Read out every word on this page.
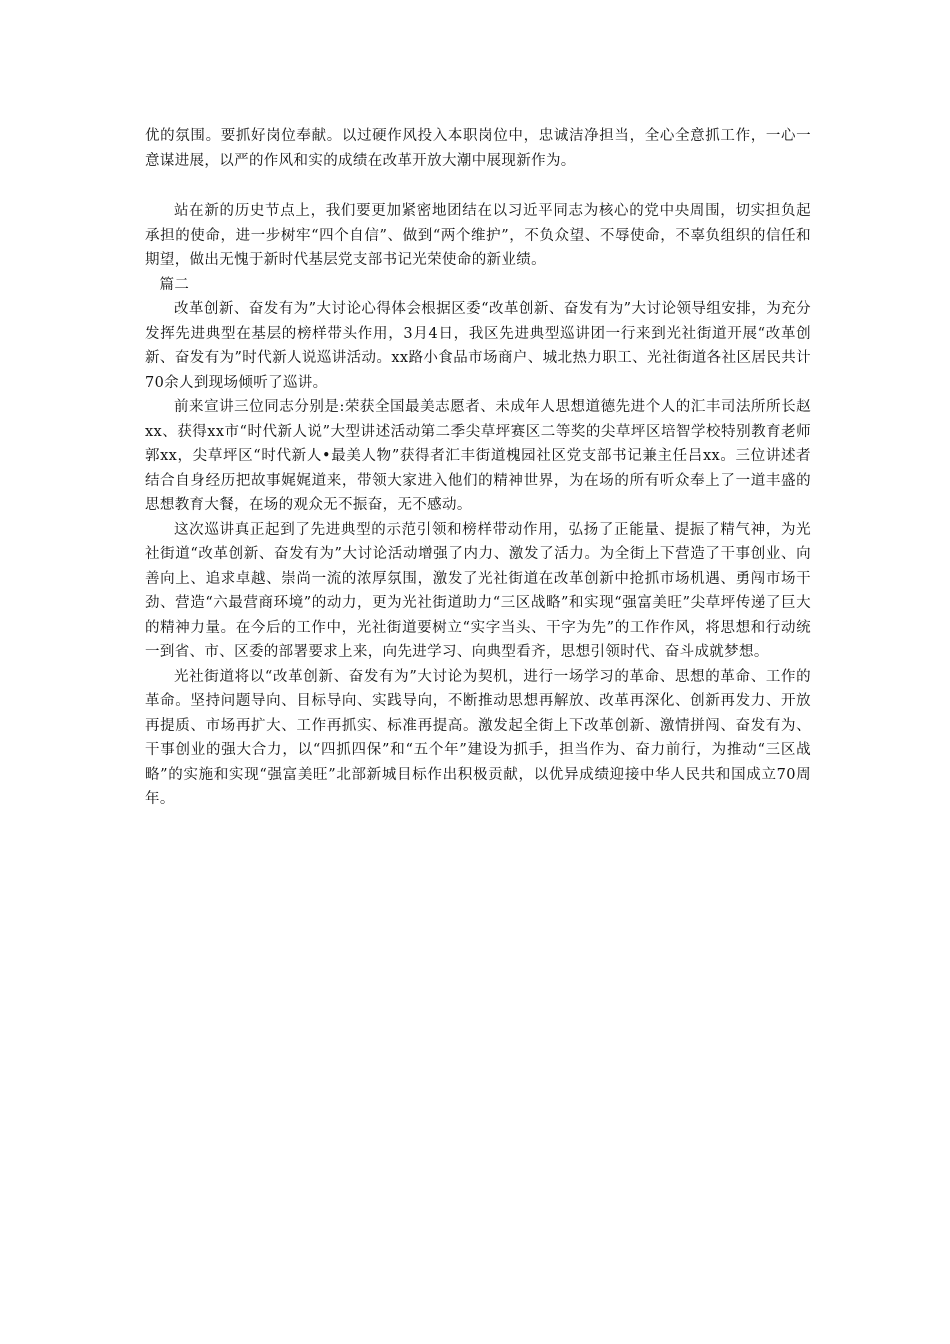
优的氛围。要抓好岗位奉献。以过硬作风投入本职岗位中，忠诚洁净担当，全心全意抓工作，一心一意谋进展，以严的作风和实的成绩在改革开放大潮中展现新作为。

站在新的历史节点上，我们要更加紧密地团结在以习近平同志为核心的党中央周围，切实担负起承担的使命，进一步树牢“四个自信”、做到“两个维护”，不负众望、不辱使命，不辜负组织的信任和期望，做出无愧于新时代基层党支部书记光荣使命的新业绩。

篇二

改革创新、奋发有为”大讨论心得体会根据区委“改革创新、奋发有为”大讨论领导组安排，为充分发挥先进典型在基层的榜样带头作用，3月4日，我区先进典型巡讲团一行来到光社街道开展“改革创新、奋发有为”时代新人说巡讲活动。xx路小食品市场商户、城北热力职工、光社街道各社区居民共计70余人到现场倾听了巡讲。

前来宣讲三位同志分别是:荣获全国最美志愿者、未成年人思想道德先进个人的汇丰司法所所长赵xx、获得xx市“时代新人说”大型讲述活动第二季尖草坪赛区二等奖的尖草坪区培智学校特别教育老师郭xx，尖草坪区“时代新人•最美人物”获得者汇丰街道槐园社区党支部书记兼主任吕xx。三位讲述者结合自身经历把故事娓娓道来，带领大家进入他们的精神世界，为在场的所有听众奉上了一道丰盛的思想教育大餐，在场的观众无不振奋，无不感动。

这次巡讲真正起到了先进典型的示范引领和榜样带动作用，弘扬了正能量、提振了精气神，为光社街道“改革创新、奋发有为”大讨论活动增强了内力、激发了活力。为全街上下营造了干事创业、向善向上、追求卓越、崇尚一流的浓厚氛围，激发了光社街道在改革创新中抢抓市场机遇、勇闯市场干劲、营造“六最营商环境”的动力，更为光社街道助力“三区战略”和实现“强富美旺”尖草坪传递了巨大的精神力量。在今后的工作中，光社街道要树立“实字当头、干字为先”的工作作风，将思想和行动统一到省、市、区委的部署要求上来，向先进学习、向典型看齐，思想引领时代、奋斗成就梦想。

光社街道将以“改革创新、奋发有为”大讨论为契机，进行一场学习的革命、思想的革命、工作的革命。坚持问题导向、目标导向、实践导向，不断推动思想再解放、改革再深化、创新再发力、开放再提质、市场再扩大、工作再抓实、标准再提高。激发起全街上下改革创新、激情拼闯、奋发有为、干事创业的强大合力，以“四抓四保”和“五个年”建设为抓手，担当作为、奋力前行，为推动“三区战略”的实施和实现“强富美旺”北部新城目标作出积极贡献，以优异成绩迎接中华人民共和国成立70周年。
